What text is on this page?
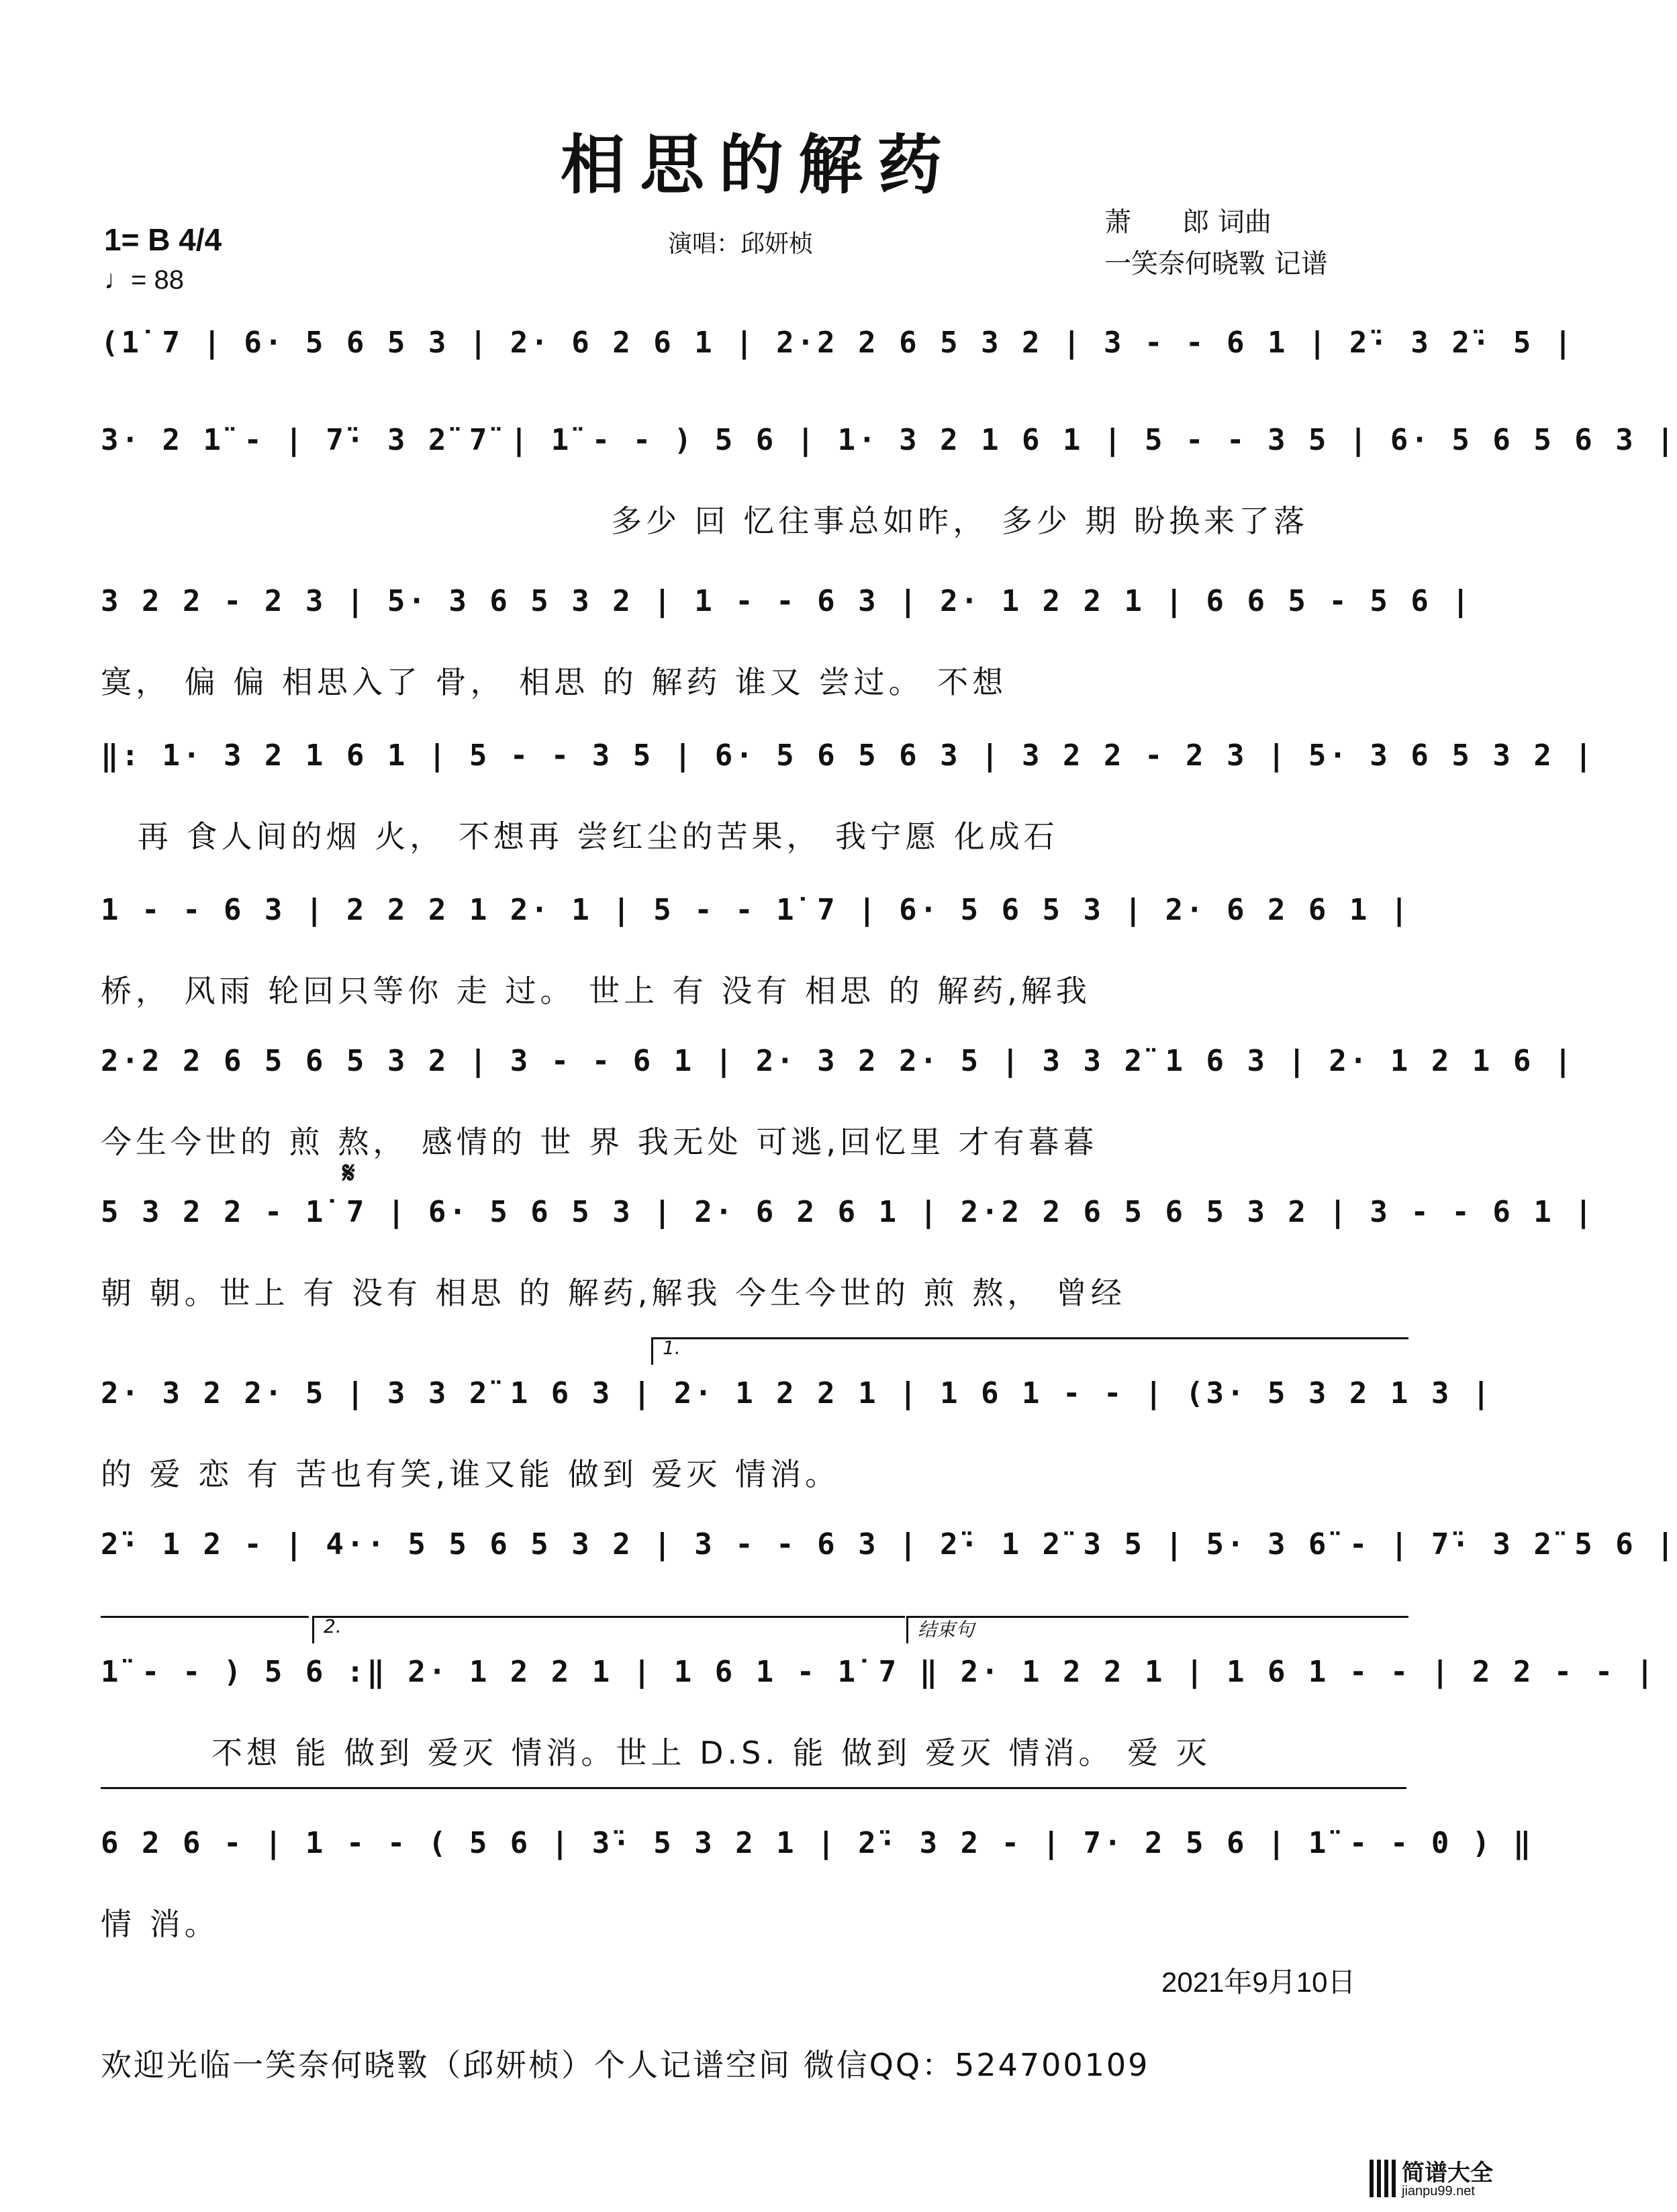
相思的解药
1= B 4/4
♩= 88
演唱：邱妍桢
萧      郎 词曲
一笑奈何晓斁 记谱
(1̇ 7 | 6· 5 6 5 3 | 2· 6 2 6 1 | 2·2 2 6 5 3 2 | 3 - - 6 1 | 2̈· 3 2̈· 5 |
3· 2 1̈ - | 7̈· 3 2̈ 7̈ | 1̈ - - ) 5 6 | 1· 3 2 1 6 1 | 5 - - 3 5 | 6· 5 6 5 6 3 |
多少 回 忆往事总如昨， 多少 期 盼换来了落
3 2 2 - 2 3 | 5· 3 6 5 3 2 | 1 - - 6 3 | 2· 1 2 2 1 | 6 6 5 - 5 6 |
寞， 偏 偏 相思入了 骨， 相思 的 解药 谁又 尝过。 不想
‖: 1· 3 2 1 6 1 | 5 - - 3 5 | 6· 5 6 5 6 3 | 3 2 2 - 2 3 | 5· 3 6 5 3 2 |
再 食人间的烟 火， 不想再 尝红尘的苦果， 我宁愿 化成石
1 - - 6 3 | 2 2 2 1 2· 1 | 5 - - 1̇ 7 | 6· 5 6 5 3 | 2· 6 2 6 1 |
桥， 风雨 轮回只等你 走 过。 世上 有 没有 相思 的 解药,解我
2·2 2 6 5 6 5 3 2 | 3 - - 6 1 | 2· 3 2 2· 5 | 3 3 2̈ 1 6 3 | 2· 1 2 1 6 |
今生今世的 煎 熬， 感情的 世 界 我无处 可逃,回忆里 才有暮暮
𝄋
5 3 2 2 - 1̇ 7 | 6· 5 6 5 3 | 2· 6 2 6 1 | 2·2 2 6 5 6 5 3 2 | 3 - - 6 1 |
朝 朝。世上 有 没有 相思 的 解药,解我 今生今世的 煎 熬， 曾经
1.
2· 3 2 2· 5 | 3 3 2̈ 1 6 3 | 2· 1 2 2 1 | 1 6 1 - - | (3· 5 3 2 1 3 |
的 爱 恋 有 苦也有笑,谁又能 做到 爱灭 情消。
2̈· 1 2 - | 4·· 5 5 6 5 3 2 | 3 - - 6 3 | 2̈· 1 2̈ 3 5 | 5· 3 6̈ - | 7̈· 3 2̈ 5 6 |
2.	结束句
1̈ - - ) 5 6 :‖ 2· 1 2 2 1 | 1 6 1 - 1̇ 7 ‖ 2· 1 2 2 1 | 1 6 1 - - | 2 2 - - |
不想 能 做到 爱灭 情消。世上 D.S. 能 做到 爱灭 情消。 爱 灭
6 2 6 - | 1 - - ( 5 6 | 3̈· 5 3 2 1 | 2̈· 3 2 - | 7· 2 5 6 | 1̈ - - 0 ) ‖
情 消。
2021年9月10日
欢迎光临一笑奈何晓斁（邱妍桢）个人记谱空间 微信QQ：524700109
简谱大全
jianpu99.net
